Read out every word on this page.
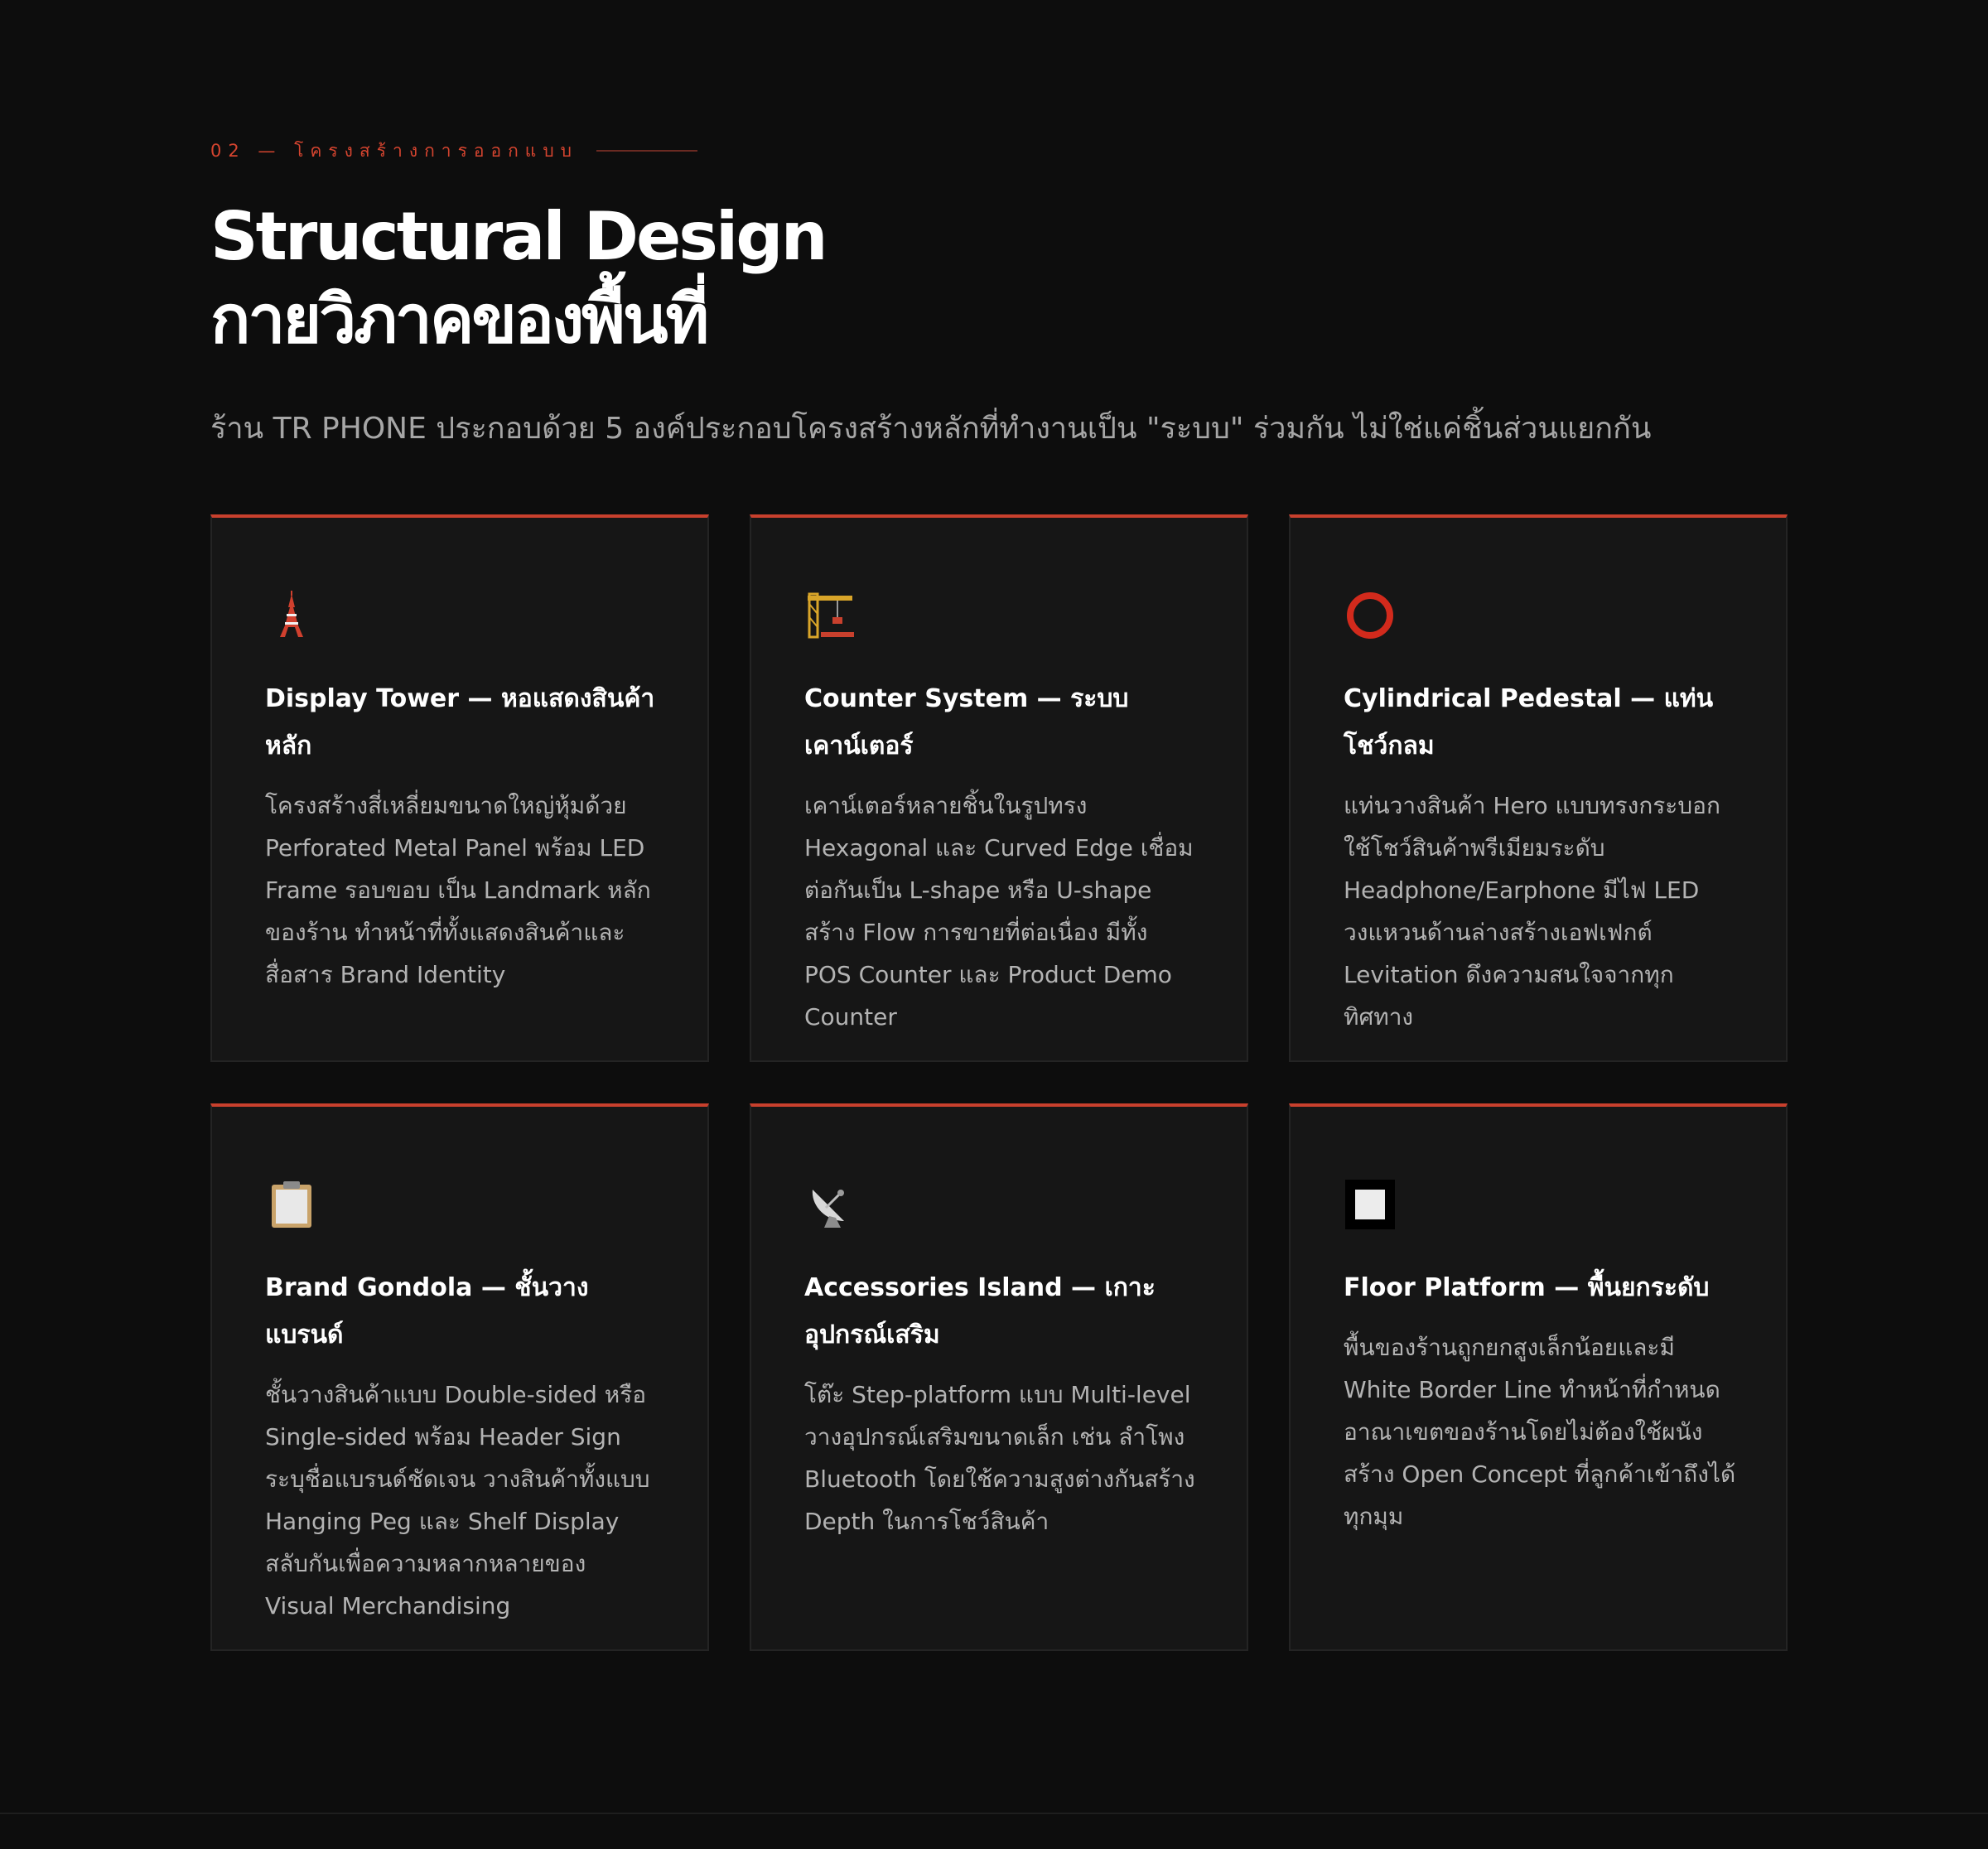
02 — โครงสร้างการออกแบบ
Structural Design
กายวิภาคของพื้นที่

ร้าน TR PHONE ประกอบด้วย 5 องค์ประกอบโครงสร้างหลักที่ทำงานเป็น "ระบบ" ร่วมกัน ไม่ใช่แค่ชิ้นส่วนแยกกัน

Display Tower — หอแสดงสินค้าหลัก
โครงสร้างสี่เหลี่ยมขนาดใหญ่หุ้มด้วย Perforated Metal Panel พร้อม LED Frame รอบขอบ เป็น Landmark หลักของร้าน ทำหน้าที่ทั้งแสดงสินค้าและสื่อสาร Brand Identity
Counter System — ระบบเคาน์เตอร์
เคาน์เตอร์หลายชิ้นในรูปทรง Hexagonal และ Curved Edge เชื่อมต่อกันเป็น L-shape หรือ U-shape สร้าง Flow การขายที่ต่อเนื่อง มีทั้ง POS Counter และ Product Demo Counter
Cylindrical Pedestal — แท่นโชว์กลม
แท่นวางสินค้า Hero แบบทรงกระบอก ใช้โชว์สินค้าพรีเมียมระดับ Headphone/Earphone มีไฟ LED วงแหวนด้านล่างสร้างเอฟเฟกต์ Levitation ดึงความสนใจจากทุกทิศทาง
Brand Gondola — ชั้นวางแบรนด์
ชั้นวางสินค้าแบบ Double-sided หรือ Single-sided พร้อม Header Sign ระบุชื่อแบรนด์ชัดเจน วางสินค้าทั้งแบบ Hanging Peg และ Shelf Display สลับกันเพื่อความหลากหลายของ Visual Merchandising
Accessories Island — เกาะอุปกรณ์เสริม
โต๊ะ Step-platform แบบ Multi-level วางอุปกรณ์เสริมขนาดเล็ก เช่น ลำโพง Bluetooth โดยใช้ความสูงต่างกันสร้าง Depth ในการโชว์สินค้า
Floor Platform — พื้นยกระดับ
พื้นของร้านถูกยกสูงเล็กน้อยและมี White Border Line ทำหน้าที่กำหนดอาณาเขตของร้านโดยไม่ต้องใช้ผนัง สร้าง Open Concept ที่ลูกค้าเข้าถึงได้ทุกมุม
